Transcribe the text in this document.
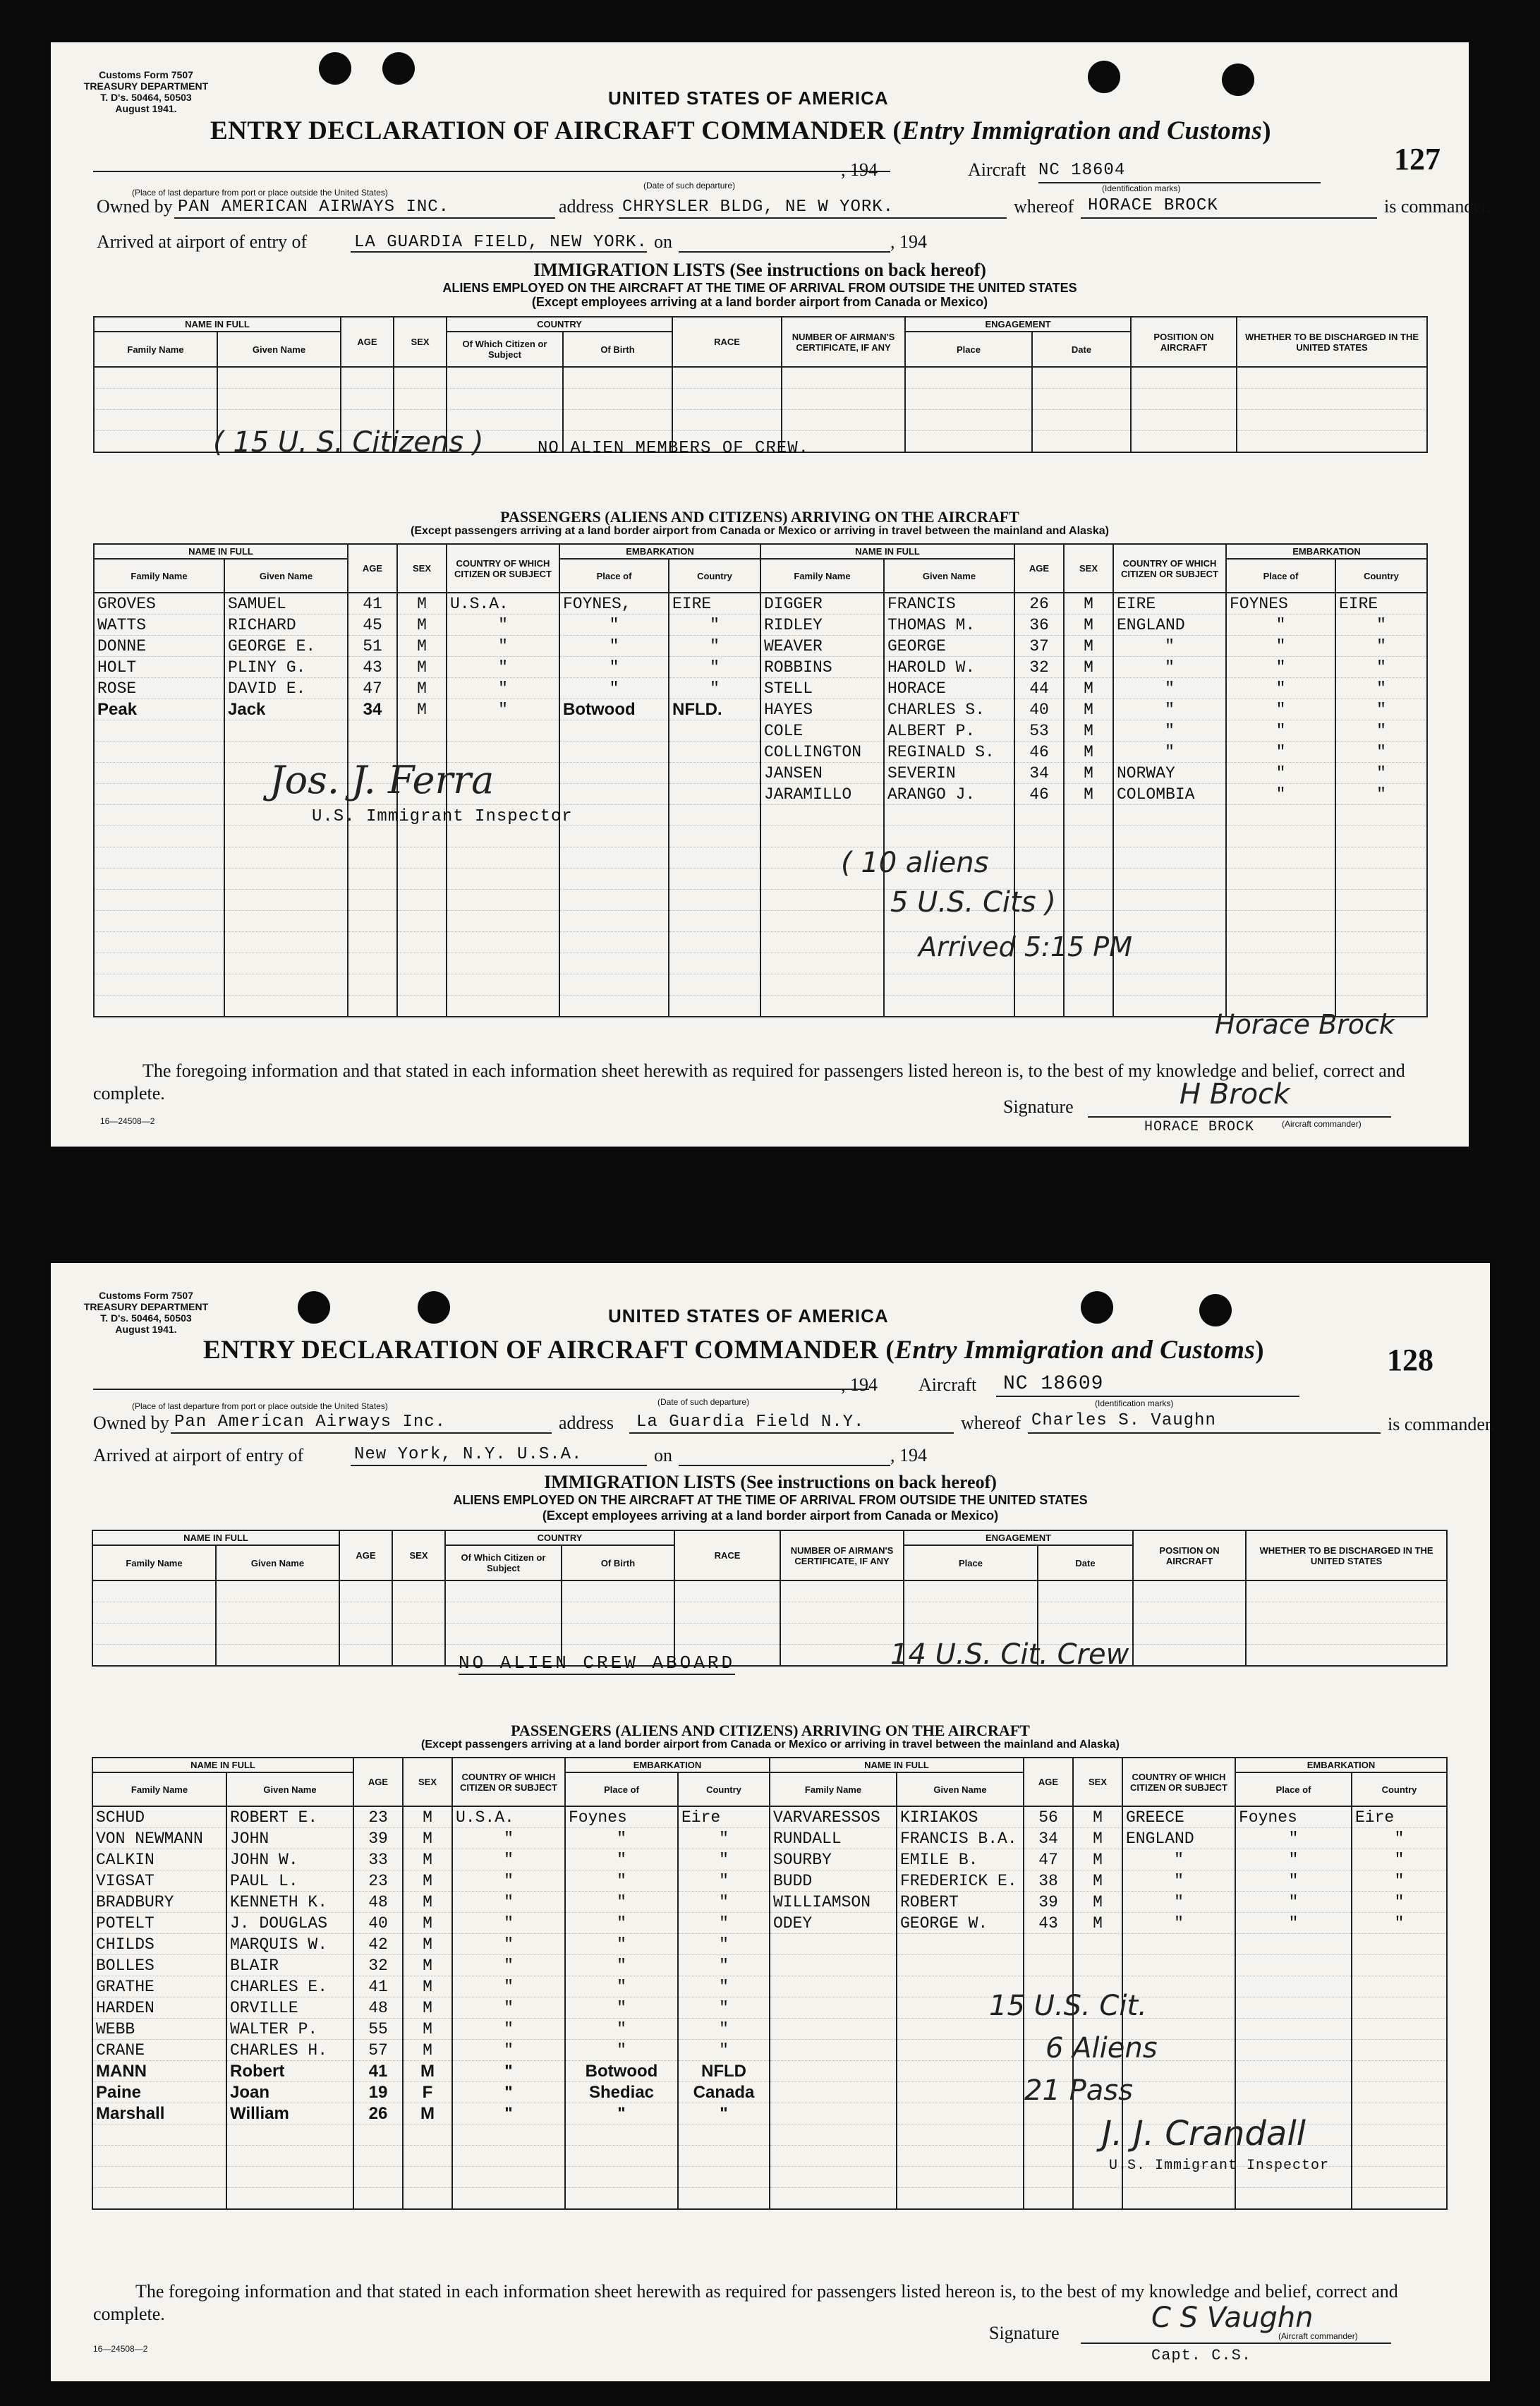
Customs Form 7507
TREASURY DEPARTMENT
T. D's. 50464, 50503
August 1941.	UNITED STATES OF AMERICA
ENTRY DECLARATION OF AIRCRAFT COMMANDER (Entry Immigration and Customs)
127
, 194	Aircraft NC 18604
(Place of last departure from port or place outside the United States)
(Date of such departure)	(Identification marks)
Owned by PAN AMERICAN AIRWAYS INC.	address CHRYSLER BLDG, NE W YORK.	whereof HORACE BROCK	is commander.
Arrived at airport of entry of	LA GUARDIA FIELD, NEW YORK. on	, 194
IMMIGRATION LISTS (See instructions on back hereof)
ALIENS EMPLOYED ON THE AIRCRAFT AT THE TIME OF ARRIVAL FROM OUTSIDE THE UNITED STATES
(Except employees arriving at a land border airport from Canada or Mexico)
NAME IN FULL		AGE	SEX	COUNTRY		RACE	NUMBER OF AIRMAN'S CERTIFICATE, IF ANY	ENGAGEMENT		POSITION ON AIRCRAFT	WHETHER TO BE DISCHARGED IN THE UNITED STATES
Family Name	Given Name			Of Which Citizen or Subject	Of Birth			Place	Date		

NO ALIEN MEMBERS OF CREW.
( 15 U. S. Citizens )
PASSENGERS (ALIENS AND CITIZENS) ARRIVING ON THE AIRCRAFT
(Except passengers arriving at a land border airport from Canada or Mexico or arriving in travel between the mainland and Alaska)
NAME IN FULL		AGE	SEX	COUNTRY OF WHICH CITIZEN OR SUBJECT	EMBARKATION	
Family Name	Given Name				Place of	Country
GROVES	SAMUEL	41	M	U.S.A.	FOYNES,	EIRE
WATTS	RICHARD	45	M	"	"	"
DONNE	GEORGE E.	51	M	"	"	"
HOLT	PLINY G.	43	M	"	"	"
ROSE	DAVID E.	47	M	"	"	"
Peak	Jack	34	M	"	Botwood	NFLD.

NAME IN FULL		AGE	SEX	COUNTRY OF WHICH CITIZEN OR SUBJECT	EMBARKATION	
Family Name	Given Name				Place of	Country
DIGGER	FRANCIS	26	M	EIRE	FOYNES	EIRE
RIDLEY	THOMAS M.	36	M	ENGLAND	"	"
WEAVER	GEORGE	37	M	"	"	"
ROBBINS	HAROLD W.	32	M	"	"	"
STELL	HORACE	44	M	"	"	"
HAYES	CHARLES S.	40	M	"	"	"
COLE	ALBERT P.	53	M	"	"	"
COLLINGTON	REGINALD S.	46	M	"	"	"
JANSEN	SEVERIN	34	M	NORWAY	"	"
JARAMILLO	ARANGO J.	46	M	COLOMBIA	"	"

Jos. J. Ferra
U.S. Immigrant Inspector
( 10 aliens
5 U.S. Cits )
Arrived 5:15 PM
Horace Brock
The foregoing information and that stated in each information sheet herewith as required for passengers listed hereon is, to the best of my knowledge and belief, correct and complete.
Signature	H Brock
HORACE BROCK	(Aircraft commander)
16—24508—2
Customs Form 7507
TREASURY DEPARTMENT
T. D's. 50464, 50503
August 1941.
UNITED STATES OF AMERICA
ENTRY DECLARATION OF AIRCRAFT COMMANDER (Entry Immigration and Customs)	128
, 194 Aircraft NC 18609
(Place of last departure from port or place outside the United States)	(Date of such departure)	(Identification marks)
Owned by Pan American Airways Inc.	address La Guardia Field N.Y.	whereof Charles S. Vaughn	is commander.
Arrived at airport of entry of	New York, N.Y. U.S.A.	on	, 194
IMMIGRATION LISTS (See instructions on back hereof)
ALIENS EMPLOYED ON THE AIRCRAFT AT THE TIME OF ARRIVAL FROM OUTSIDE THE UNITED STATES
(Except employees arriving at a land border airport from Canada or Mexico)
NAME IN FULL		AGE	SEX	COUNTRY		RACE	NUMBER OF AIRMAN'S CERTIFICATE, IF ANY	ENGAGEMENT		POSITION ON AIRCRAFT	WHETHER TO BE DISCHARGED IN THE UNITED STATES
Family Name	Given Name			Of Which Citizen or Subject	Of Birth			Place	Date		

NO ALIEN CREW ABOARD	14 U.S. Cit. Crew
PASSENGERS (ALIENS AND CITIZENS) ARRIVING ON THE AIRCRAFT
(Except passengers arriving at a land border airport from Canada or Mexico or arriving in travel between the mainland and Alaska)
NAME IN FULL		AGE	SEX	COUNTRY OF WHICH CITIZEN OR SUBJECT	EMBARKATION	
Family Name	Given Name				Place of	Country
SCHUD	ROBERT E.	23	M	U.S.A.	Foynes	Eire
VON NEWMANN	JOHN	39	M	"	"	"
CALKIN	JOHN W.	33	M	"	"	"
VIGSAT	PAUL L.	23	M	"	"	"
BRADBURY	KENNETH K.	48	M	"	"	"
POTELT	J. DOUGLAS	40	M	"	"	"
CHILDS	MARQUIS W.	42	M	"	"	"
BOLLES	BLAIR	32	M	"	"	"
GRATHE	CHARLES E.	41	M	"	"	"
HARDEN	ORVILLE	48	M	"	"	"
WEBB	WALTER P.	55	M	"	"	"
CRANE	CHARLES H.	57	M	"	"	"
MANN	Robert	41	M	"	Botwood	NFLD
Paine	Joan	19	F	"	Shediac	Canada
Marshall	William	26	M	"	"	"

NAME IN FULL		AGE	SEX	COUNTRY OF WHICH CITIZEN OR SUBJECT	EMBARKATION	
Family Name	Given Name				Place of	Country
VARVARESSOS	KIRIAKOS	56	M	GREECE	Foynes	Eire
RUNDALL	FRANCIS B.A.	34	M	ENGLAND	"	"
SOURBY	EMILE B.	47	M	"	"	"
BUDD	FREDERICK E.	38	M	"	"	"
WILLIAMSON	ROBERT	39	M	"	"	"
ODEY	GEORGE W.	43	M	"	"	"

15 U.S. Cit.
6 Aliens
21 Pass
J. J. Crandall
U.S. Immigrant Inspector
The foregoing information and that stated in each information sheet herewith as required for passengers listed hereon is, to the best of my knowledge and belief, correct and complete.
Signature	C S Vaughn
Capt. C.S.
(Aircraft commander)
16—24508—2
